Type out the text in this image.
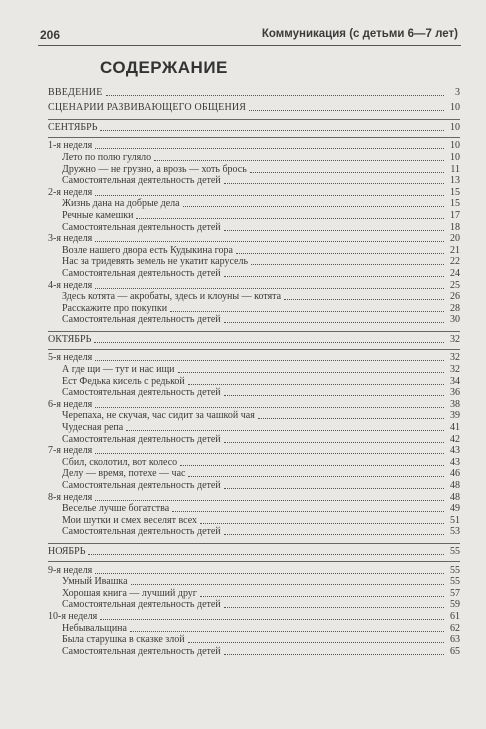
206	Коммуникация (с детьми 6—7 лет)
СОДЕРЖАНИЕ
ВВЕДЕНИЕ	3
СЦЕНАРИИ РАЗВИВАЮЩЕГО ОБЩЕНИЯ	10
СЕНТЯБРЬ	10
1-я неделя	10
Лето по полю гуляло	10
Дружно — не грузно, а врозь — хоть брось	11
Самостоятельная деятельность детей	13
2-я неделя	15
Жизнь дана на добрые дела	15
Речные камешки	17
Самостоятельная деятельность детей	18
3-я неделя	20
Возле нашего двора есть Кудыкина гора	21
Нас за тридевять земель не укатит карусель	22
Самостоятельная деятельность детей	24
4-я неделя	25
Здесь котята — акробаты, здесь и клоуны — котята	26
Расскажите про покупки	28
Самостоятельная деятельность детей	30
ОКТЯБРЬ	32
5-я неделя	32
А где щи — тут и нас ищи	32
Ест Федька кисель с редькой	34
Самостоятельная деятельность детей	36
6-я неделя	38
Черепаха, не скучая, час сидит за чашкой чая	39
Чудесная репа	41
Самостоятельная деятельность детей	42
7-я неделя	43
Сбил, сколотил, вот колесо	43
Делу — время, потехе — час	46
Самостоятельная деятельность детей	48
8-я неделя	48
Веселье лучше богатства	49
Мои шутки и смех веселят всех	51
Самостоятельная деятельность детей	53
НОЯБРЬ	55
9-я неделя	55
Умный Ивашка	55
Хорошая книга — лучший друг	57
Самостоятельная деятельность детей	59
10-я неделя	61
Небывальщина	62
Была старушка в сказке злой	63
Самостоятельная деятельность детей	65
